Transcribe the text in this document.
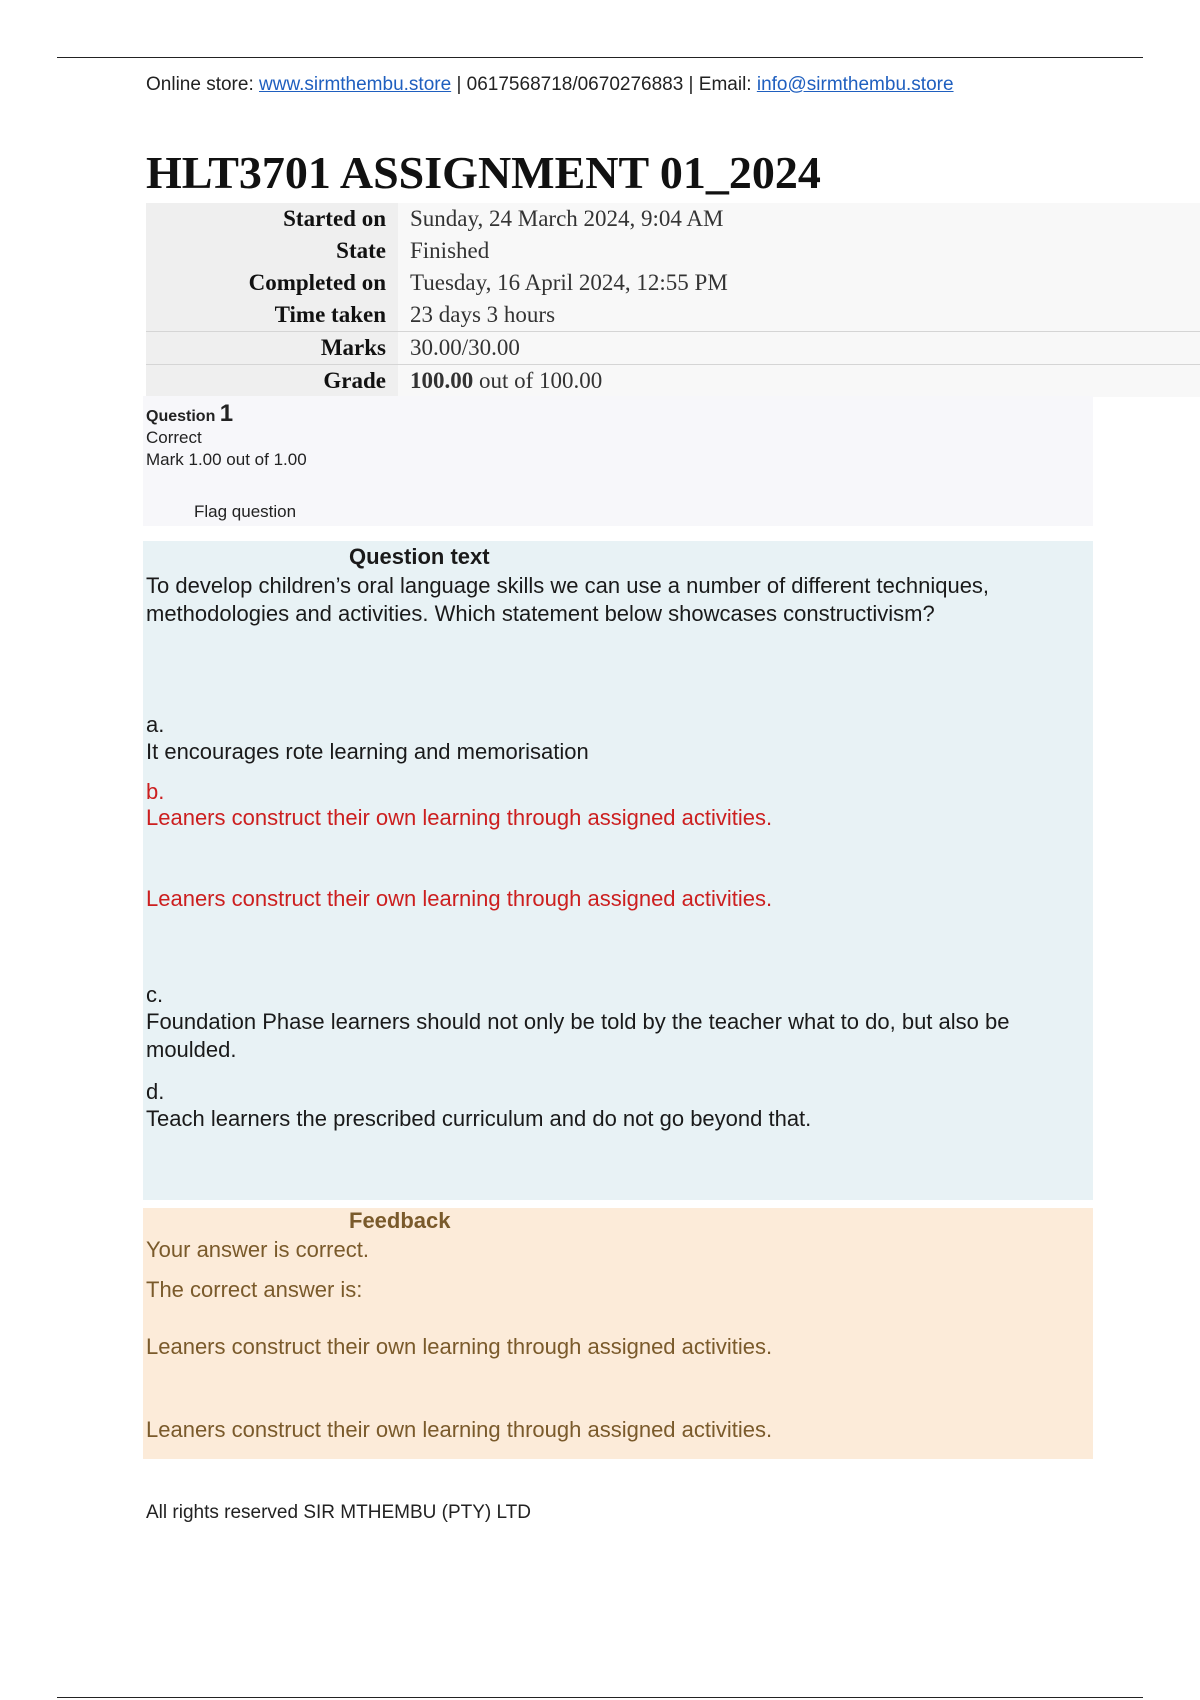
Online store: www.sirmthembu.store | 0617568718/0670276883 | Email: info@sirmthembu.store
HLT3701 ASSIGNMENT 01_2024
Started on	Sunday, 24 March 2024, 9:04 AM
State	Finished
Completed on	Tuesday, 16 April 2024, 12:55 PM
Time taken	23 days 3 hours
Marks	30.00/30.00
Grade	100.00 out of 100.00
Question 1
Correct
Mark 1.00 out of 1.00
Flag question
Question text
To develop children’s oral language skills we can use a number of different techniques, methodologies and activities. Which statement below showcases constructivism?
a.
It encourages rote learning and memorisation
b.
Leaners construct their own learning through assigned activities.
Leaners construct their own learning through assigned activities.
c.
Foundation Phase learners should not only be told by the teacher what to do, but also be moulded.
d.
Teach learners the prescribed curriculum and do not go beyond that.
Feedback
Your answer is correct.
The correct answer is:
Leaners construct their own learning through assigned activities.
Leaners construct their own learning through assigned activities.
All rights reserved SIR MTHEMBU (PTY) LTD
